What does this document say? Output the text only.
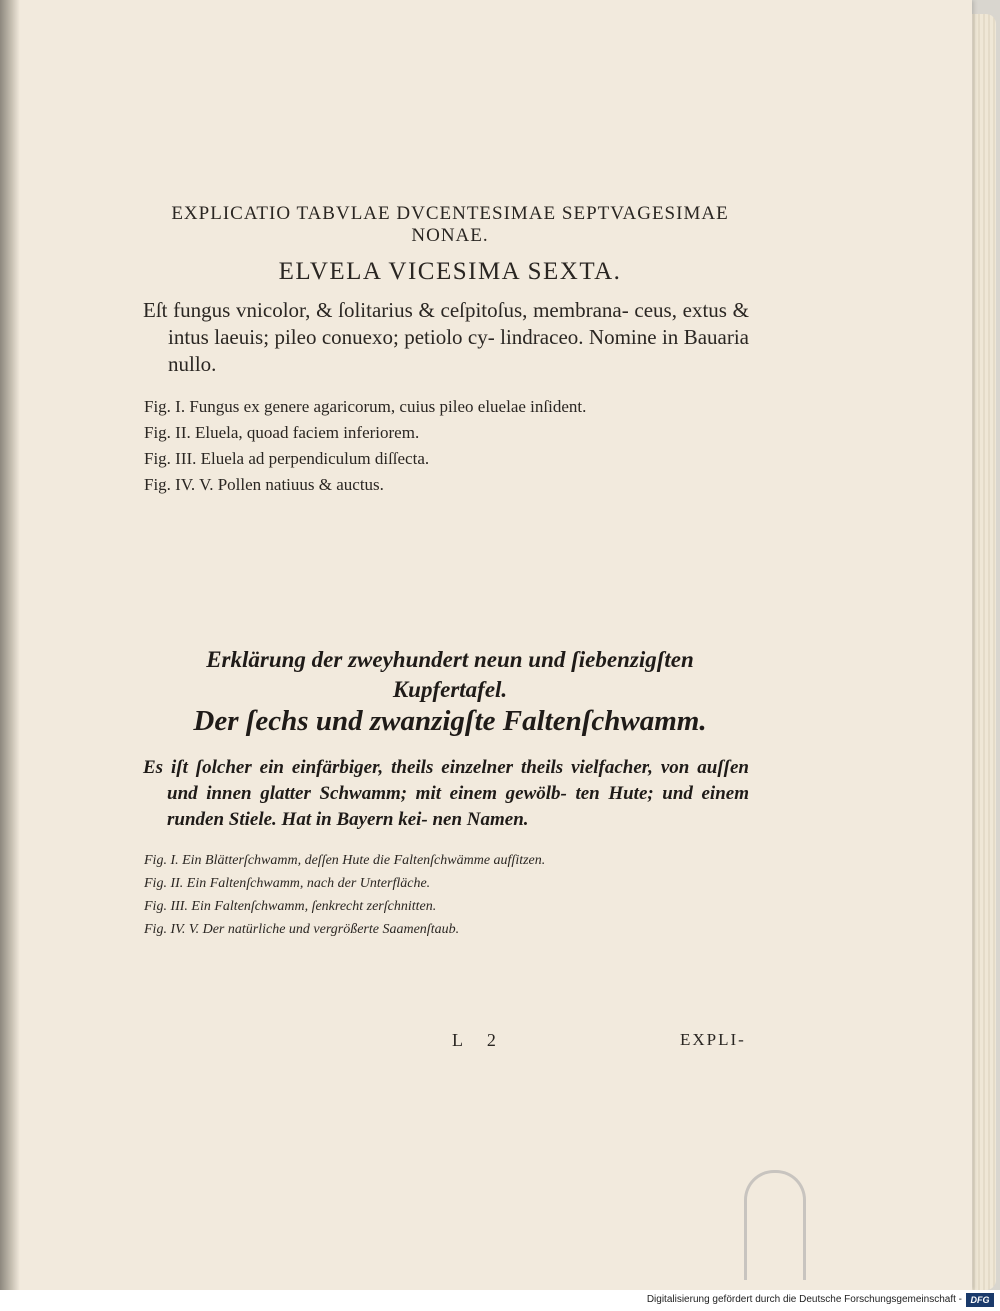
EXPLICATIO TABVLAE DVCENTESIMAE SEPTVAGESIMAE
NONAE.
ELVELA VICESIMA SEXTA.
Eſt fungus vnicolor, & ſolitarius & ceſpitoſus, membrana- ceus, extus & intus laeuis; pileo conuexo; petiolo cy- lindraceo. Nomine in Bauaria nullo.
Fig. I. Fungus ex genere agaricorum, cuius pileo eluelae inſident.
Fig. II. Eluela, quoad faciem inferiorem.
Fig. III. Eluela ad perpendiculum diſſecta.
Fig. IV. V. Pollen natiuus & auctus.
Erklärung der zweyhundert neun und ſiebenzigſten
Kupfertafel.
Der ſechs und zwanzigſte Faltenſchwamm.
Es iſt ſolcher ein einfärbiger, theils einzelner theils vielfacher, von auſſen und innen glatter Schwamm; mit einem gewölb- ten Hute; und einem runden Stiele. Hat in Bayern kei- nen Namen.
Fig. I. Ein Blätterſchwamm, deſſen Hute die Faltenſchwämme aufſitzen.
Fig. II. Ein Faltenſchwamm, nach der Unterfläche.
Fig. III. Ein Faltenſchwamm, ſenkrecht zerſchnitten.
Fig. IV. V. Der natürliche und vergrößerte Saamenſtaub.
L 2	EXPLI-
Digitalisierung gefördert durch die Deutsche Forschungsgemeinschaft - DFG
